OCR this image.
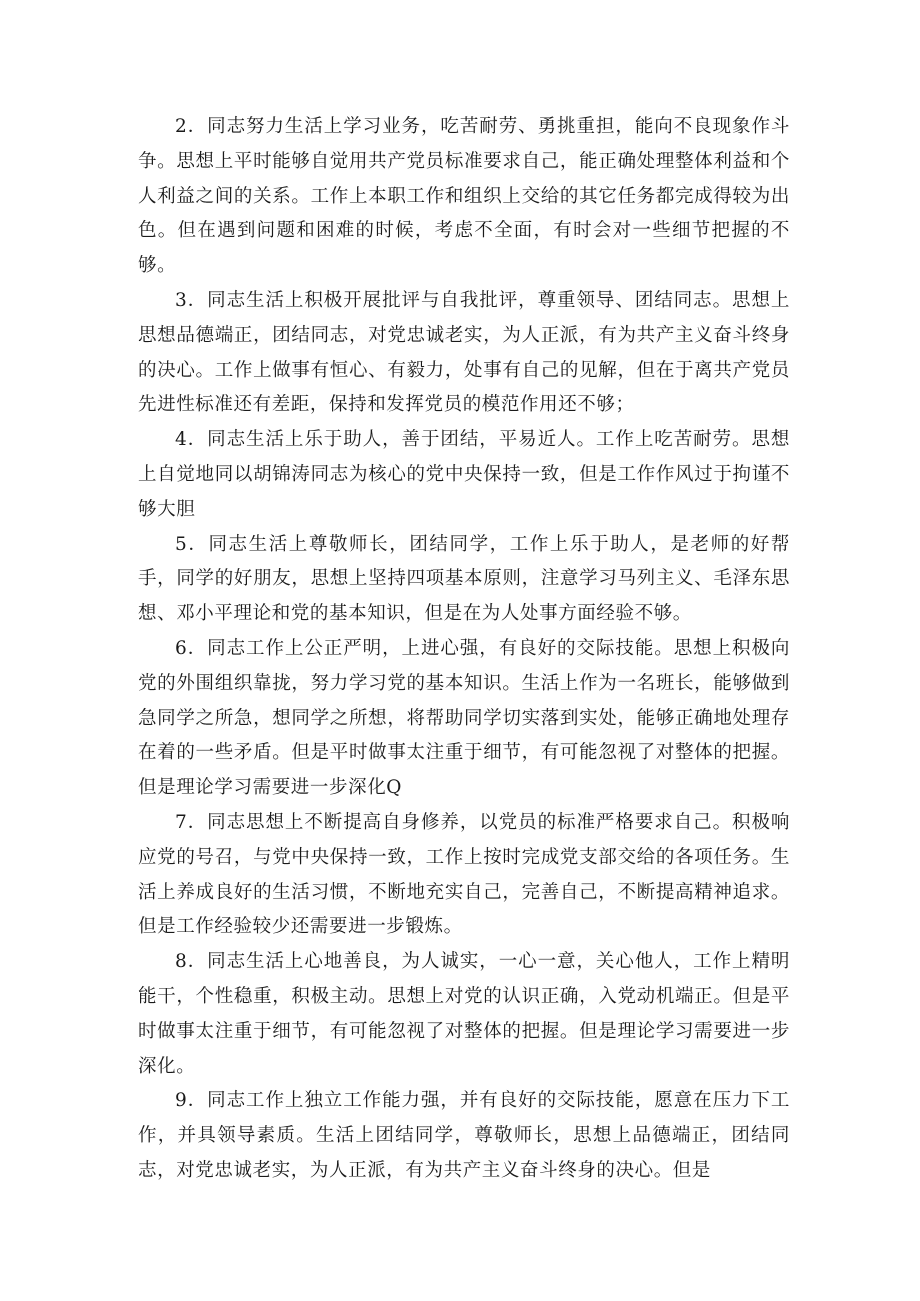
2．同志努力生活上学习业务，吃苦耐劳、勇挑重担，能向不良现象作斗争。思想上平时能够自觉用共产党员标准要求自己，能正确处理整体利益和个人利益之间的关系。工作上本职工作和组织上交给的其它任务都完成得较为出色。但在遇到问题和困难的时候，考虑不全面，有时会对一些细节把握的不够。

3．同志生活上积极开展批评与自我批评，尊重领导、团结同志。思想上思想品德端正，团结同志，对党忠诚老实，为人正派，有为共产主义奋斗终身的决心。工作上做事有恒心、有毅力，处事有自己的见解，但在于离共产党员先进性标准还有差距，保持和发挥党员的模范作用还不够；

4．同志生活上乐于助人，善于团结，平易近人。工作上吃苦耐劳。思想上自觉地同以胡锦涛同志为核心的党中央保持一致，但是工作作风过于拘谨不够大胆

5．同志生活上尊敬师长，团结同学，工作上乐于助人，是老师的好帮手，同学的好朋友，思想上坚持四项基本原则，注意学习马列主义、毛泽东思想、邓小平理论和党的基本知识，但是在为人处事方面经验不够。

6．同志工作上公正严明，上进心强，有良好的交际技能。思想上积极向党的外围组织靠拢，努力学习党的基本知识。生活上作为一名班长，能够做到急同学之所急，想同学之所想，将帮助同学切实落到实处，能够正确地处理存在着的一些矛盾。但是平时做事太注重于细节，有可能忽视了对整体的把握。但是理论学习需要进一步深化Q

7．同志思想上不断提高自身修养，以党员的标准严格要求自己。积极响应党的号召，与党中央保持一致，工作上按时完成党支部交给的各项任务。生活上养成良好的生活习惯，不断地充实自己，完善自己，不断提高精神追求。但是工作经验较少还需要进一步锻炼。

8．同志生活上心地善良，为人诚实，一心一意，关心他人，工作上精明能干，个性稳重，积极主动。思想上对党的认识正确，入党动机端正。但是平时做事太注重于细节，有可能忽视了对整体的把握。但是理论学习需要进一步深化。

9．同志工作上独立工作能力强，并有良好的交际技能，愿意在压力下工作，并具领导素质。生活上团结同学，尊敬师长，思想上品德端正，团结同志，对党忠诚老实，为人正派，有为共产主义奋斗终身的决心。但是
